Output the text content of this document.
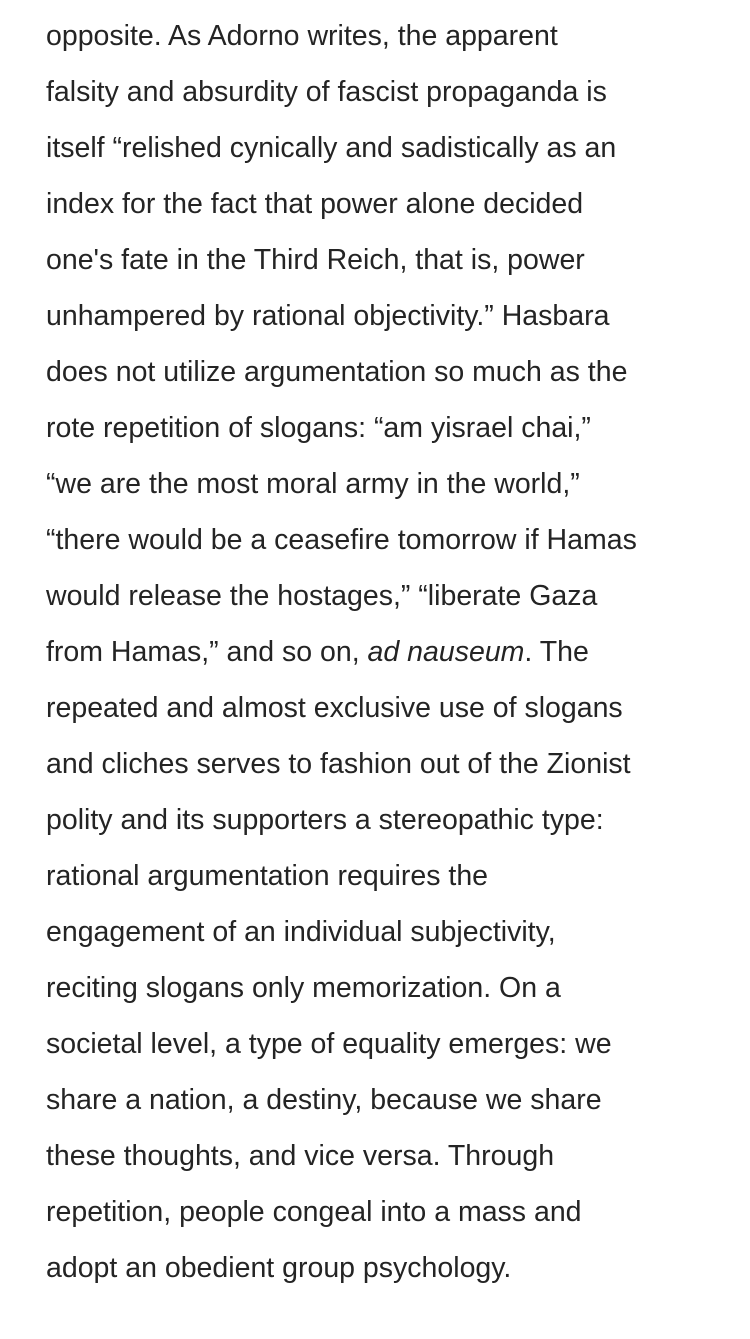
opposite. As Adorno writes, the apparent
falsity and absurdity of fascist propaganda is
itself “relished cynically and sadistically as an
index for the fact that power alone decided
one's fate in the Third Reich, that is, power
unhampered by rational objectivity.” Hasbara
does not utilize argumentation so much as the
rote repetition of slogans: “am yisrael chai,”
“we are the most moral army in the world,”
“there would be a ceasefire tomorrow if Hamas
would release the hostages,” “liberate Gaza
from Hamas,” and so on, ad nauseum. The
repeated and almost exclusive use of slogans
and cliches serves to fashion out of the Zionist
polity and its supporters a stereopathic type:
rational argumentation requires the
engagement of an individual subjectivity,
reciting slogans only memorization. On a
societal level, a type of equality emerges: we
share a nation, a destiny, because we share
these thoughts, and vice versa. Through
repetition, people congeal into a mass and
adopt an obedient group psychology.
